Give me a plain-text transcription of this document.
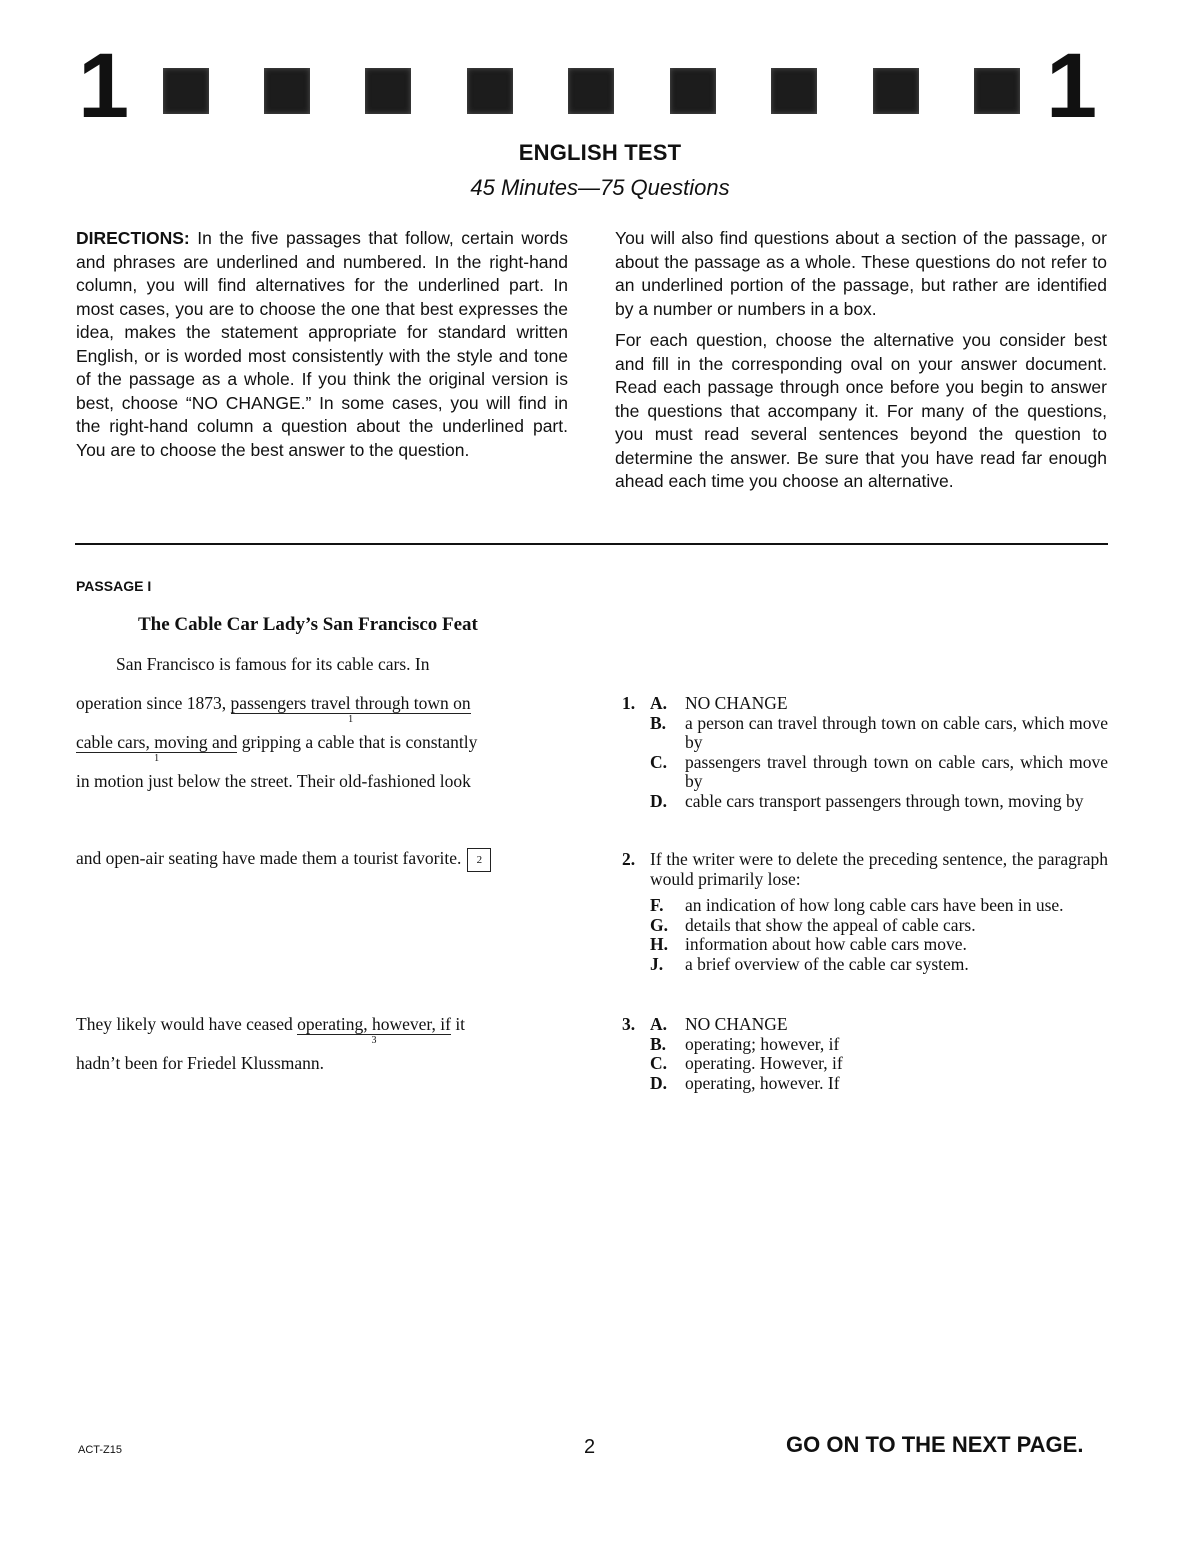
1	1
ENGLISH TEST
45 Minutes—75 Questions

DIRECTIONS: In the five passages that follow, certain words and phrases are underlined and numbered. In the right-hand column, you will find alternatives for the underlined part. In most cases, you are to choose the one that best expresses the idea, makes the statement appropriate for standard written English, or is worded most consistently with the style and tone of the passage as a whole. If you think the original version is best, choose “NO CHANGE.” In some cases, you will find in the right-hand column a question about the underlined part. You are to choose the best answer to the question.

You will also find questions about a section of the passage, or about the passage as a whole. These questions do not refer to an underlined portion of the passage, but rather are identified by a number or numbers in a box.

For each question, choose the alternative you consider best and fill in the corresponding oval on your answer document. Read each passage through once before you begin to answer the questions that accompany it. For many of the questions, you must read several sentences beyond the question to determine the answer. Be sure that you have read far enough ahead each time you choose an alternative.

PASSAGE I
The Cable Car Lady’s San Francisco Feat
San Francisco is famous for its cable cars. In
operation since 1873, passengers travel through town on
1
cable cars, moving and
1
gripping a cable that is constantly
in motion just below the street. Their old-fashioned look
and open-air seating have made them a tourist favorite. 2
They likely would have ceased operating, however, if
3
it
hadn’t been for Friedel Klussmann.
1. A. NO CHANGE
B. a person can travel through town on cable cars, which move by
C. passengers travel through town on cable cars, which move by
D. cable cars transport passengers through town, moving by
2. If the writer were to delete the preceding sentence, the paragraph would primarily lose:
F. an indication of how long cable cars have been in use.
G. details that show the appeal of cable cars.
H. information about how cable cars move.
J. a brief overview of the cable car system.
3. A. NO CHANGE
B. operating; however, if
C. operating. However, if
D. operating, however. If
ACT-Z15	2	GO ON TO THE NEXT PAGE.
